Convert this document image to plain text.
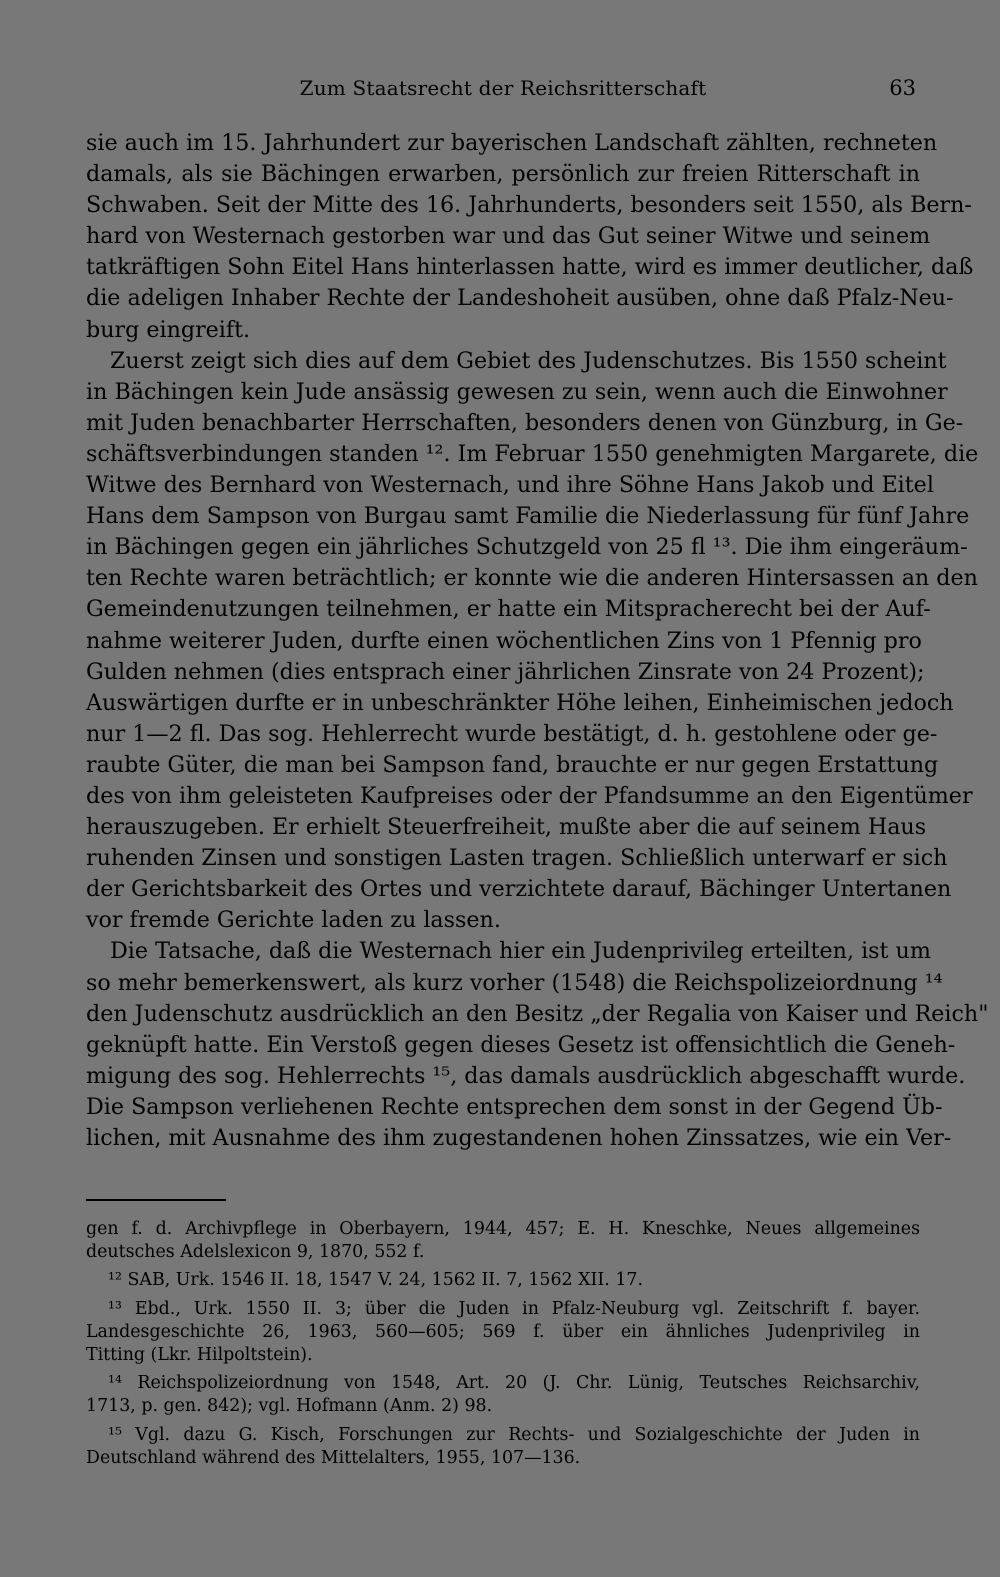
Zum Staatsrecht der Reichsritterschaft	63
sie auch im 15. Jahrhundert zur bayerischen Landschaft zählten, rechneten
damals, als sie Bächingen erwarben, persönlich zur freien Ritterschaft in
Schwaben. Seit der Mitte des 16. Jahrhunderts, besonders seit 1550, als Bern-
hard von Westernach gestorben war und das Gut seiner Witwe und seinem
tatkräftigen Sohn Eitel Hans hinterlassen hatte, wird es immer deutlicher, daß
die adeligen Inhaber Rechte der Landeshoheit ausüben, ohne daß Pfalz-Neu-
burg eingreift.
Zuerst zeigt sich dies auf dem Gebiet des Judenschutzes. Bis 1550 scheint
in Bächingen kein Jude ansässig gewesen zu sein, wenn auch die Einwohner
mit Juden benachbarter Herrschaften, besonders denen von Günzburg, in Ge-
schäftsverbindungen standen ¹². Im Februar 1550 genehmigten Margarete, die
Witwe des Bernhard von Westernach, und ihre Söhne Hans Jakob und Eitel
Hans dem Sampson von Burgau samt Familie die Niederlassung für fünf Jahre
in Bächingen gegen ein jährliches Schutzgeld von 25 fl ¹³. Die ihm eingeräum-
ten Rechte waren beträchtlich; er konnte wie die anderen Hintersassen an den
Gemeindenutzungen teilnehmen, er hatte ein Mitspracherecht bei der Auf-
nahme weiterer Juden, durfte einen wöchentlichen Zins von 1 Pfennig pro
Gulden nehmen (dies entsprach einer jährlichen Zinsrate von 24 Prozent);
Auswärtigen durfte er in unbeschränkter Höhe leihen, Einheimischen jedoch
nur 1—2 fl. Das sog. Hehlerrecht wurde bestätigt, d. h. gestohlene oder ge-
raubte Güter, die man bei Sampson fand, brauchte er nur gegen Erstattung
des von ihm geleisteten Kaufpreises oder der Pfandsumme an den Eigentümer
herauszugeben. Er erhielt Steuerfreiheit, mußte aber die auf seinem Haus
ruhenden Zinsen und sonstigen Lasten tragen. Schließlich unterwarf er sich
der Gerichtsbarkeit des Ortes und verzichtete darauf, Bächinger Untertanen
vor fremde Gerichte laden zu lassen.
Die Tatsache, daß die Westernach hier ein Judenprivileg erteilten, ist um
so mehr bemerkenswert, als kurz vorher (1548) die Reichspolizeiordnung ¹⁴
den Judenschutz ausdrücklich an den Besitz „der Regalia von Kaiser und Reich"
geknüpft hatte. Ein Verstoß gegen dieses Gesetz ist offensichtlich die Geneh-
migung des sog. Hehlerrechts ¹⁵, das damals ausdrücklich abgeschafft wurde.
Die Sampson verliehenen Rechte entsprechen dem sonst in der Gegend Üb-
lichen, mit Ausnahme des ihm zugestandenen hohen Zinssatzes, wie ein Ver-
gen f. d. Archivpflege in Oberbayern, 1944, 457; E. H. Kneschke, Neues allgemeines
deutsches Adelslexicon 9, 1870, 552 f.
¹² SAB, Urk. 1546 II. 18, 1547 V. 24, 1562 II. 7, 1562 XII. 17.
¹³ Ebd., Urk. 1550 II. 3; über die Juden in Pfalz-Neuburg vgl. Zeitschrift f. bayer.
Landesgeschichte 26, 1963, 560—605; 569 f. über ein ähnliches Judenprivileg in
Titting (Lkr. Hilpoltstein).
¹⁴ Reichspolizeiordnung von 1548, Art. 20 (J. Chr. Lünig, Teutsches Reichsarchiv,
1713, p. gen. 842); vgl. Hofmann (Anm. 2) 98.
¹⁵ Vgl. dazu G. Kisch, Forschungen zur Rechts- und Sozialgeschichte der Juden in
Deutschland während des Mittelalters, 1955, 107—136.
